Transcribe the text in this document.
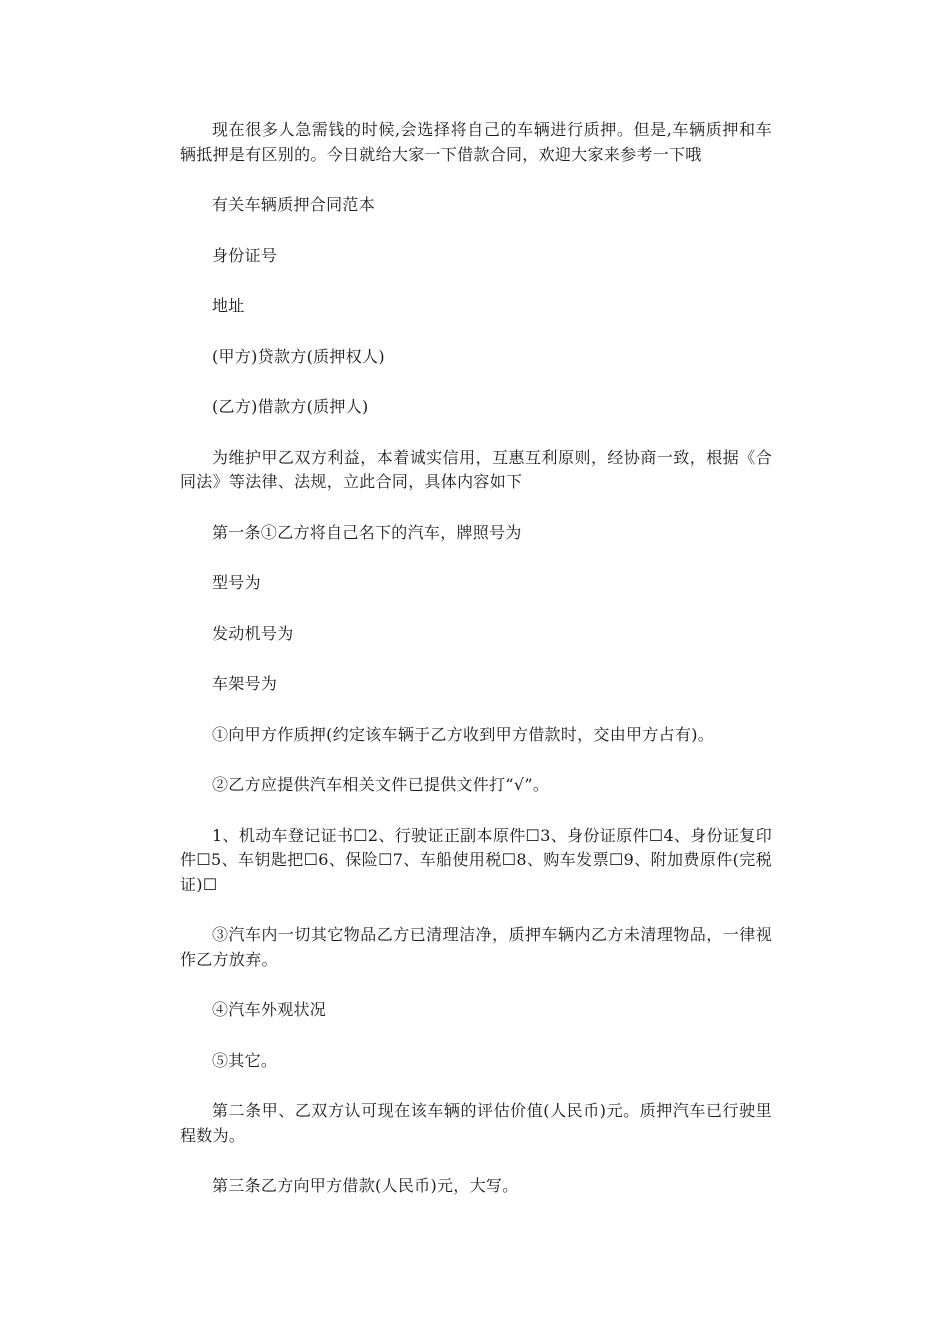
现在很多人急需钱的时候,会选择将自己的车辆进行质押。但是,车辆质押和车辆抵押是有区别的。今日就给大家一下借款合同，欢迎大家来参考一下哦

有关车辆质押合同范本

身份证号

地址

(甲方)贷款方(质押权人)

(乙方)借款方(质押人)

为维护甲乙双方利益，本着诚实信用，互惠互利原则，经协商一致，根据《合同法》等法律、法规，立此合同，具体内容如下

第一条①乙方将自己名下的汽车，牌照号为

型号为

发动机号为

车架号为

①向甲方作质押(约定该车辆于乙方收到甲方借款时，交由甲方占有)。

②乙方应提供汽车相关文件已提供文件打“√”。

1、机动车登记证书☐2、行驶证正副本原件☐3、身份证原件☐4、身份证复印件☐5、车钥匙把☐6、保险☐7、车船使用税☐8、购车发票☐9、附加费原件(完税证)☐

③汽车内一切其它物品乙方已清理洁净，质押车辆内乙方未清理物品，一律视作乙方放弃。

④汽车外观状况

⑤其它。

第二条甲、乙双方认可现在该车辆的评估价值(人民币)元。质押汽车已行驶里程数为。

第三条乙方向甲方借款(人民币)元，大写。
